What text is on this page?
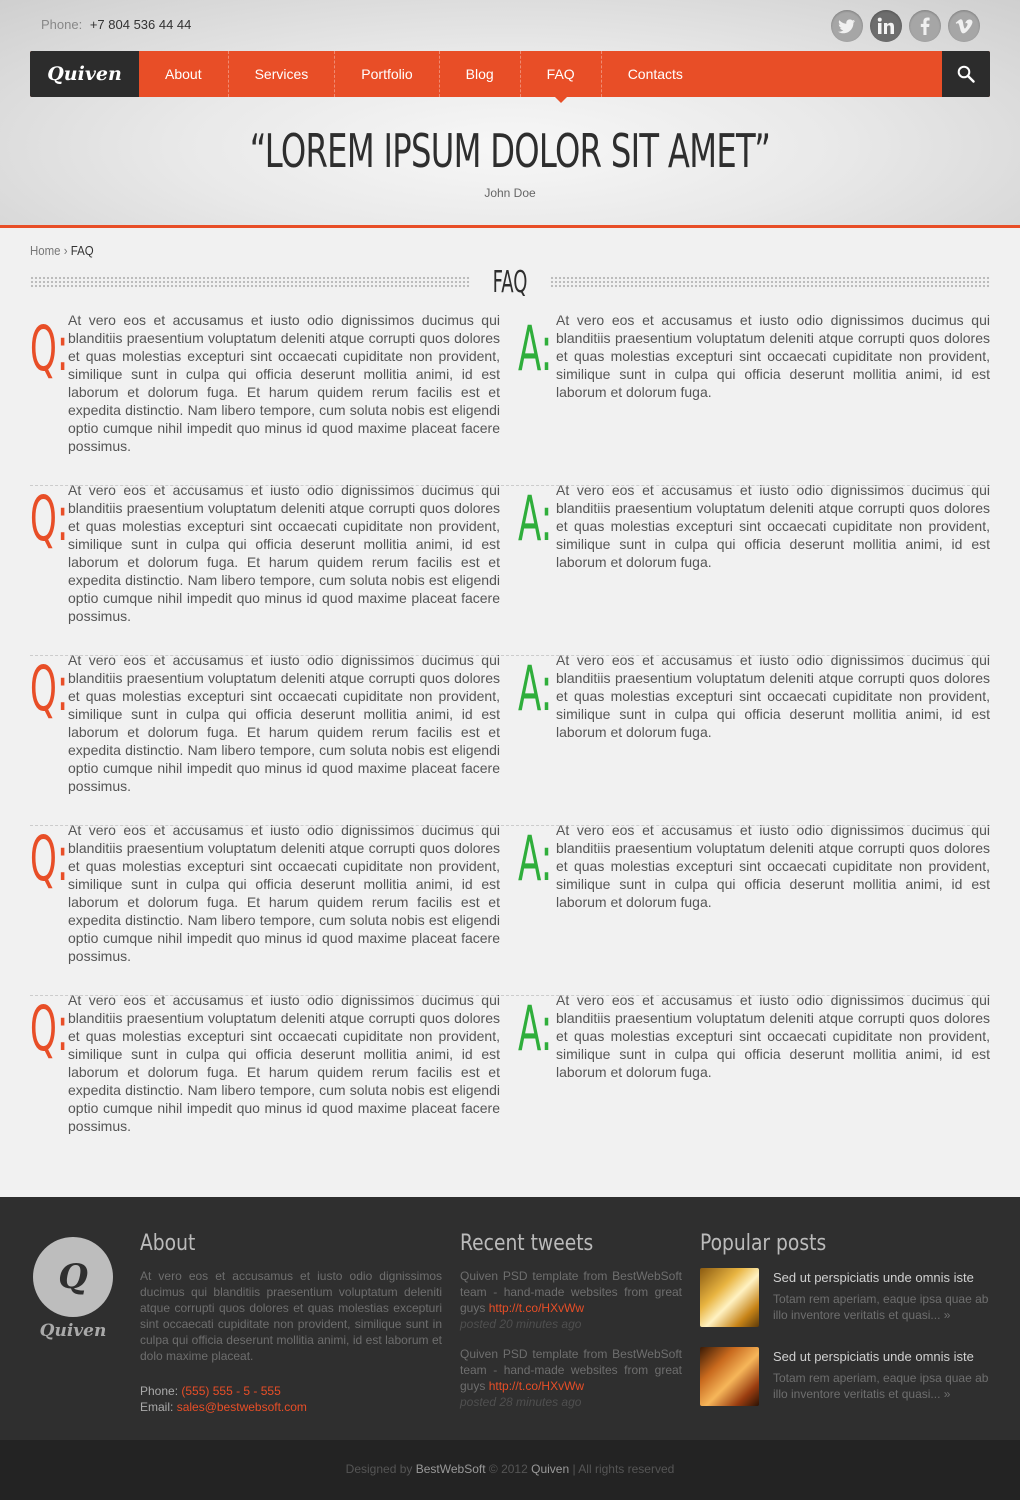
Phone: +7 804 536 44 44
Quiven	About	Services	Portfolio	Blog	FAQ	Contacts
“LOREM IPSUM DOLOR SIT AMET”
John Doe
Home › FAQ
FAQ
Q: At vero eos et accusamus et iusto odio dignissimos ducimus qui blanditiis praesentium voluptatum deleniti atque corrupti quos dolores et quas molestias excepturi sint occaecati cupiditate non provident, similique sunt in culpa qui officia deserunt mollitia animi, id est laborum et dolorum fuga. Et harum quidem rerum facilis est et expedita distinctio. Nam libero tempore, cum soluta nobis est eligendi optio cumque nihil impedit quo minus id quod maxime placeat facere possimus.

A: At vero eos et accusamus et iusto odio dignissimos ducimus qui blanditiis praesentium voluptatum deleniti atque corrupti quos dolores et quas molestias excepturi sint occaecati cupiditate non provident, similique sunt in culpa qui officia deserunt mollitia animi, id est laborum et dolorum fuga.

Q: At vero eos et accusamus et iusto odio dignissimos ducimus qui blanditiis praesentium voluptatum deleniti atque corrupti quos dolores et quas molestias excepturi sint occaecati cupiditate non provident, similique sunt in culpa qui officia deserunt mollitia animi, id est laborum et dolorum fuga. Et harum quidem rerum facilis est et expedita distinctio. Nam libero tempore, cum soluta nobis est eligendi optio cumque nihil impedit quo minus id quod maxime placeat facere possimus.

A: At vero eos et accusamus et iusto odio dignissimos ducimus qui blanditiis praesentium voluptatum deleniti atque corrupti quos dolores et quas molestias excepturi sint occaecati cupiditate non provident, similique sunt in culpa qui officia deserunt mollitia animi, id est laborum et dolorum fuga.

Q: At vero eos et accusamus et iusto odio dignissimos ducimus qui blanditiis praesentium voluptatum deleniti atque corrupti quos dolores et quas molestias excepturi sint occaecati cupiditate non provident, similique sunt in culpa qui officia deserunt mollitia animi, id est laborum et dolorum fuga. Et harum quidem rerum facilis est et expedita distinctio. Nam libero tempore, cum soluta nobis est eligendi optio cumque nihil impedit quo minus id quod maxime placeat facere possimus.

A: At vero eos et accusamus et iusto odio dignissimos ducimus qui blanditiis praesentium voluptatum deleniti atque corrupti quos dolores et quas molestias excepturi sint occaecati cupiditate non provident, similique sunt in culpa qui officia deserunt mollitia animi, id est laborum et dolorum fuga.

Q: At vero eos et accusamus et iusto odio dignissimos ducimus qui blanditiis praesentium voluptatum deleniti atque corrupti quos dolores et quas molestias excepturi sint occaecati cupiditate non provident, similique sunt in culpa qui officia deserunt mollitia animi, id est laborum et dolorum fuga. Et harum quidem rerum facilis est et expedita distinctio. Nam libero tempore, cum soluta nobis est eligendi optio cumque nihil impedit quo minus id quod maxime placeat facere possimus.

A: At vero eos et accusamus et iusto odio dignissimos ducimus qui blanditiis praesentium voluptatum deleniti atque corrupti quos dolores et quas molestias excepturi sint occaecati cupiditate non provident, similique sunt in culpa qui officia deserunt mollitia animi, id est laborum et dolorum fuga.

Q: At vero eos et accusamus et iusto odio dignissimos ducimus qui blanditiis praesentium voluptatum deleniti atque corrupti quos dolores et quas molestias excepturi sint occaecati cupiditate non provident, similique sunt in culpa qui officia deserunt mollitia animi, id est laborum et dolorum fuga. Et harum quidem rerum facilis est et expedita distinctio. Nam libero tempore, cum soluta nobis est eligendi optio cumque nihil impedit quo minus id quod maxime placeat facere possimus.

A: At vero eos et accusamus et iusto odio dignissimos ducimus qui blanditiis praesentium voluptatum deleniti atque corrupti quos dolores et quas molestias excepturi sint occaecati cupiditate non provident, similique sunt in culpa qui officia deserunt mollitia animi, id est laborum et dolorum fuga.

Q
Quiven
About

At vero eos et accusamus et iusto odio dignissimos ducimus qui blanditiis praesentium voluptatum deleniti atque corrupti quos dolores et quas molestias excepturi sint occaecati cupiditate non provident, similique sunt in culpa qui officia deserunt mollitia animi, id est laborum et dolo maxime placeat.

Phone: (555) 555 - 5 - 555
Email: sales@bestwebsoft.com
Recent tweets
Quiven PSD template from BestWebSoft team - hand-made websites from great guys http://t.co/HXvWw
posted 20 minutes ago
Quiven PSD template from BestWebSoft team - hand-made websites from great guys http://t.co/HXvWw
posted 28 minutes ago
Popular posts
Sed ut perspiciatis unde omnis iste
Totam rem aperiam, eaque ipsa quae ab illo inventore veritatis et quasi... »
Sed ut perspiciatis unde omnis iste
Totam rem aperiam, eaque ipsa quae ab illo inventore veritatis et quasi... »
Designed by BestWebSoft © 2012 Quiven | All rights reserved
